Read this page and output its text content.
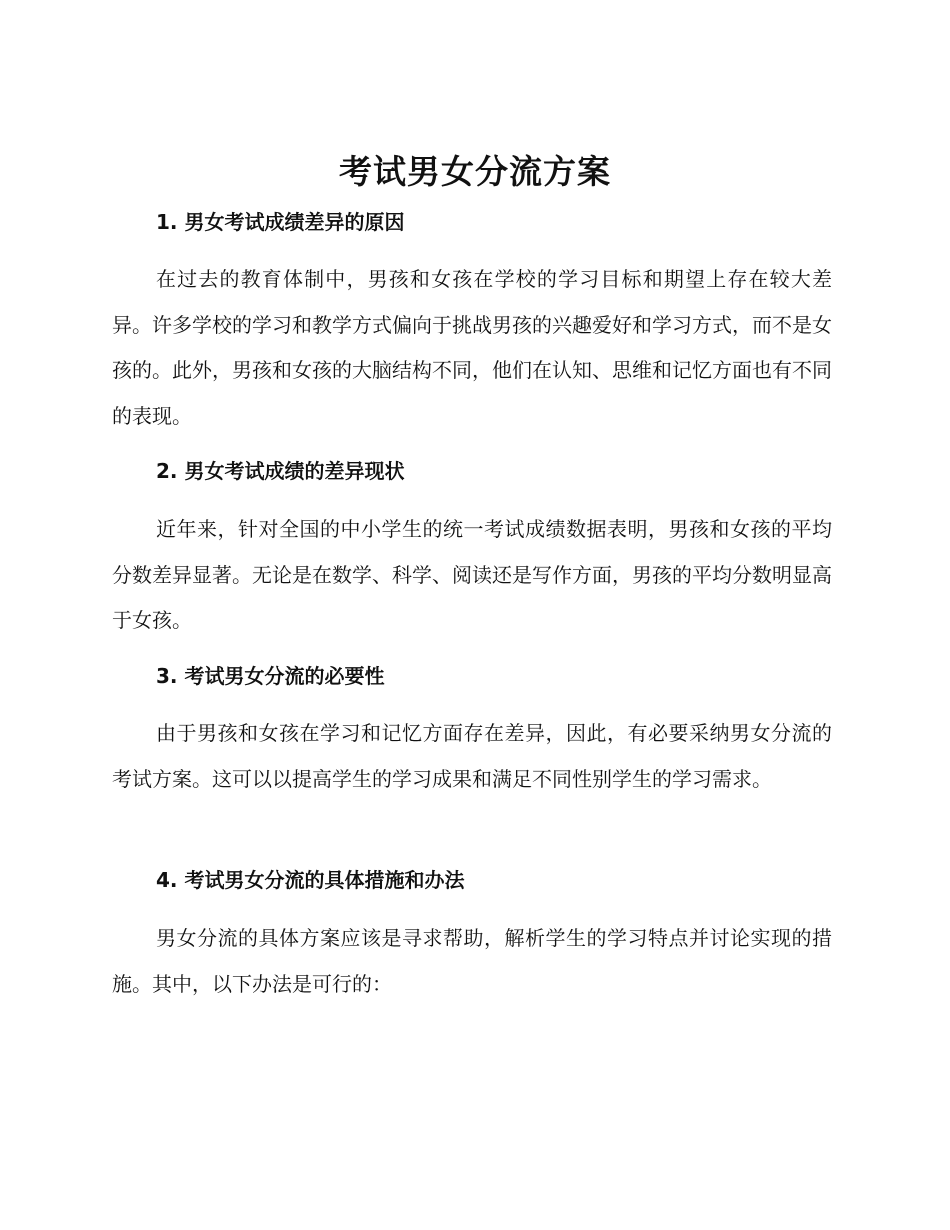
考试男女分流方案
1. 男女考试成绩差异的原因

在过去的教育体制中，男孩和女孩在学校的学习目标和期望上存在较大差异。许多学校的学习和教学方式偏向于挑战男孩的兴趣爱好和学习方式，而不是女孩的。此外，男孩和女孩的大脑结构不同，他们在认知、思维和记忆方面也有不同的表现。

2. 男女考试成绩的差异现状

近年来，针对全国的中小学生的统一考试成绩数据表明，男孩和女孩的平均分数差异显著。无论是在数学、科学、阅读还是写作方面，男孩的平均分数明显高于女孩。

3. 考试男女分流的必要性

由于男孩和女孩在学习和记忆方面存在差异，因此，有必要采纳男女分流的考试方案。这可以以提高学生的学习成果和满足不同性别学生的学习需求。

4. 考试男女分流的具体措施和办法

男女分流的具体方案应该是寻求帮助，解析学生的学习特点并讨论实现的措施。其中，以下办法是可行的：
